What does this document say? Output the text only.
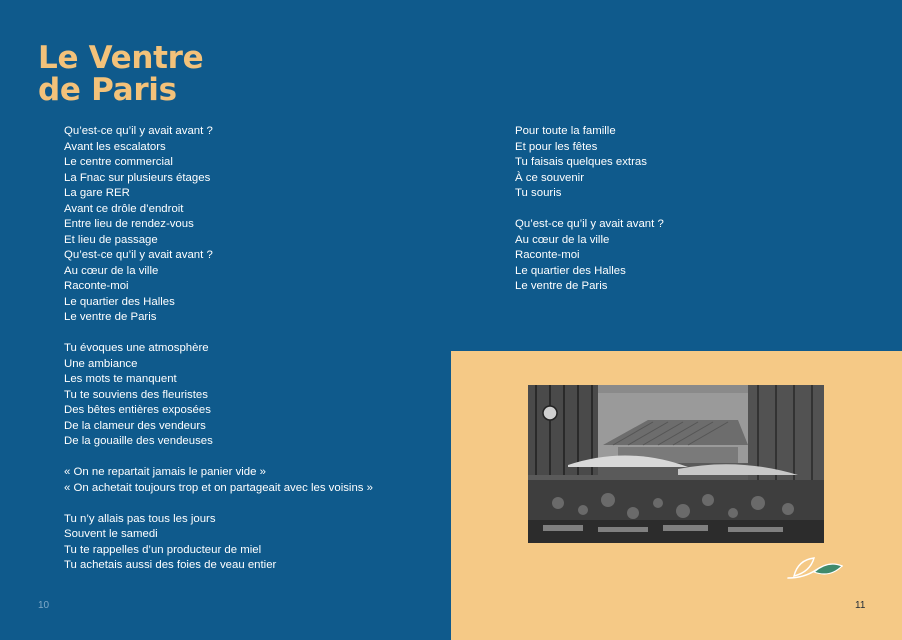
Le Ventre
de Paris
Qu’est-ce qu’il y avait avant ?
Avant les escalators
Le centre commercial
La Fnac sur plusieurs étages
La gare RER
Avant ce drôle d’endroit
Entre lieu de rendez-vous
Et lieu de passage
Qu’est-ce qu’il y avait avant ?
Au cœur de la ville
Raconte-moi
Le quartier des Halles
Le ventre de Paris
Tu évoques une atmosphère
Une ambiance
Les mots te manquent
Tu te souviens des fleuristes
Des bêtes entières exposées
De la clameur des vendeurs
De la gouaille des vendeuses
« On ne repartait jamais le panier vide »
« On achetait toujours trop et on partageait avec les voisins »
Tu n’y allais pas tous les jours
Souvent le samedi
Tu te rappelles d’un producteur de miel
Tu achetais aussi des foies de veau entier
10
Pour toute la famille
Et pour les fêtes
Tu faisais quelques extras
À ce souvenir
Tu souris
Qu’est-ce qu’il y avait avant ?
Au cœur de la ville
Raconte-moi
Le quartier des Halles
Le ventre de Paris
11
